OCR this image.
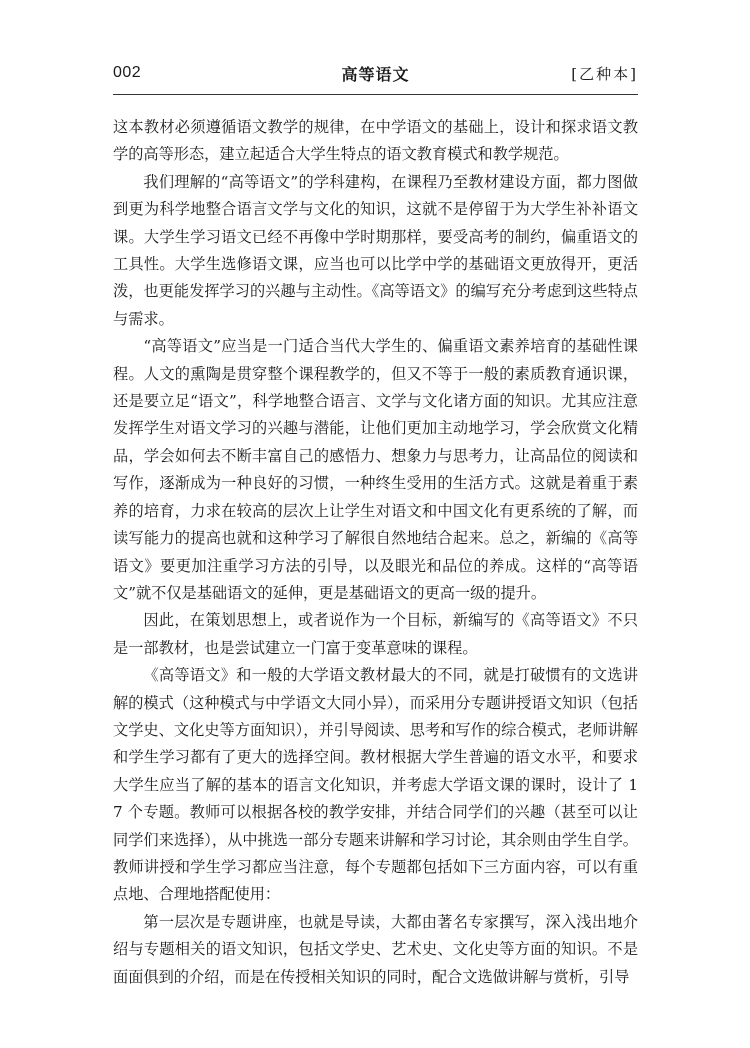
002	高等语文	[乙种本]

这本教材必须遵循语文教学的规律，在中学语文的基础上，设计和探求语文教学的高等形态，建立起适合大学生特点的语文教育模式和教学规范。

我们理解的“高等语文”的学科建构，在课程乃至教材建设方面，都力图做到更为科学地整合语言文学与文化的知识，这就不是停留于为大学生补补语文课。大学生学习语文已经不再像中学时期那样，要受高考的制约，偏重语文的工具性。大学生选修语文课，应当也可以比学中学的基础语文更放得开，更活泼，也更能发挥学习的兴趣与主动性。《高等语文》的编写充分考虑到这些特点与需求。

“高等语文”应当是一门适合当代大学生的、偏重语文素养培育的基础性课程。人文的熏陶是贯穿整个课程教学的，但又不等于一般的素质教育通识课，还是要立足“语文”，科学地整合语言、文学与文化诸方面的知识。尤其应注意发挥学生对语文学习的兴趣与潜能，让他们更加主动地学习，学会欣赏文化精品，学会如何去不断丰富自己的感悟力、想象力与思考力，让高品位的阅读和写作，逐渐成为一种良好的习惯，一种终生受用的生活方式。这就是着重于素养的培育，力求在较高的层次上让学生对语文和中国文化有更系统的了解，而读写能力的提高也就和这种学习了解很自然地结合起来。总之，新编的《高等语文》要更加注重学习方法的引导，以及眼光和品位的养成。这样的“高等语文”就不仅是基础语文的延伸，更是基础语文的更高一级的提升。

因此，在策划思想上，或者说作为一个目标，新编写的《高等语文》不只是一部教材，也是尝试建立一门富于变革意味的课程。

《高等语文》和一般的大学语文教材最大的不同，就是打破惯有的文选讲解的模式（这种模式与中学语文大同小异），而采用分专题讲授语文知识（包括文学史、文化史等方面知识），并引导阅读、思考和写作的综合模式，老师讲解和学生学习都有了更大的选择空间。教材根据大学生普遍的语文水平，和要求大学生应当了解的基本的语言文化知识，并考虑大学语文课的课时，设计了 17 个专题。教师可以根据各校的教学安排，并结合同学们的兴趣（甚至可以让同学们来选择），从中挑选一部分专题来讲解和学习讨论，其余则由学生自学。教师讲授和学生学习都应当注意，每个专题都包括如下三方面内容，可以有重点地、合理地搭配使用：

第一层次是专题讲座，也就是导读，大都由著名专家撰写，深入浅出地介绍与专题相关的语文知识，包括文学史、艺术史、文化史等方面的知识。不是面面俱到的介绍，而是在传授相关知识的同时，配合文选做讲解与赏析，引导
